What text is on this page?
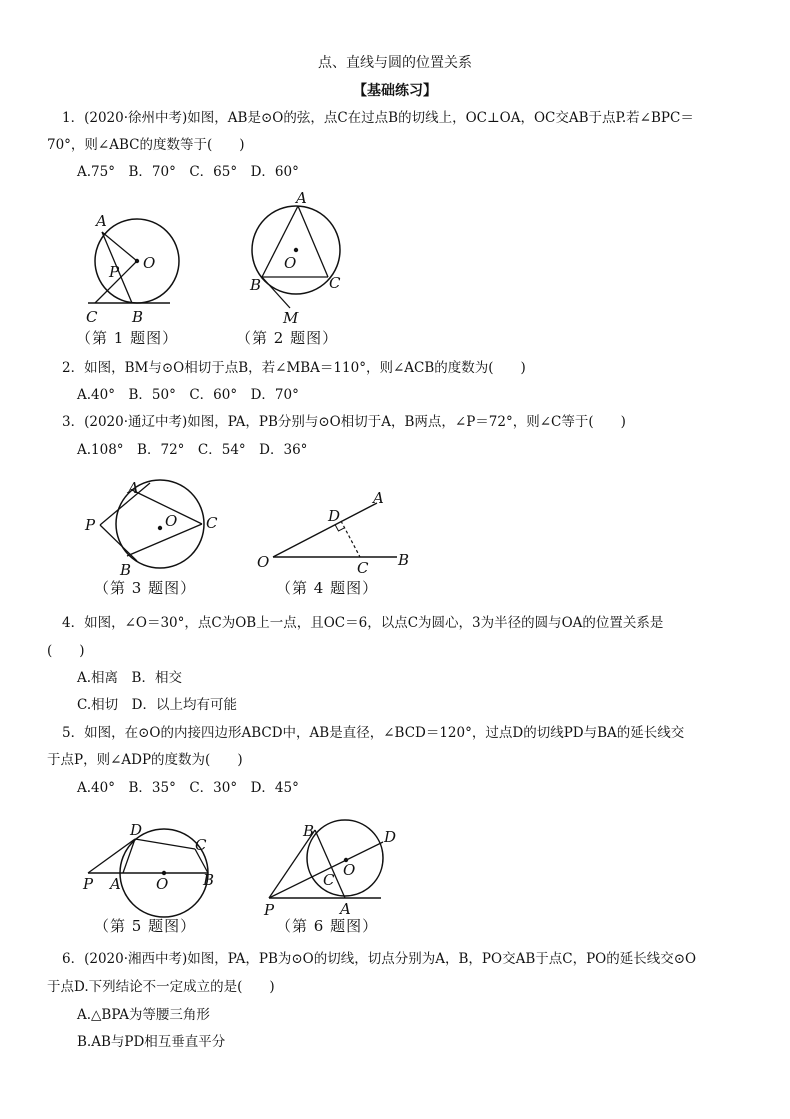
点、直线与圆的位置关系
【基础练习】
1．(2020·徐州中考)如图，AB是⊙O的弦，点C在过点B的切线上，OC⊥OA，OC交AB于点P.若∠BPC＝
70°，则∠ABC的度数等于(　　)
A.75°　B．70°　C．65°　D．60°
A
O
P
C B
（第 1 题图）
A
O
B	C
M
（第 2 题图）
2．如图，BM与⊙O相切于点B，若∠MBA＝110°，则∠ACB的度数为(　　)
A.40°　B．50°　C．60°　D．70°
3．(2020·通辽中考)如图，PA，PB分别与⊙O相切于A，B两点，∠P＝72°，则∠C等于(　　)
A.108°　B．72°　C．54°　D．36°
A
P	O C
B
（第 3 题图）
D
A
O	C B
（第 4 题图）
4．如图，∠O＝30°，点C为OB上一点，且OC＝6，以点C为圆心，3为半径的圆与OA的位置关系是
(　　)
A.相离　B．相交
C.相切　D．以上均有可能
5．如图，在⊙O的内接四边形ABCD中，AB是直径，∠BCD＝120°，过点D的切线PD与BA的延长线交
于点P，则∠ADP的度数为(　　)
A.40°　B．35°　C．30°　D．45°
D
C
P A O B
（第 5 题图）
B	D
C
O
P	A
（第 6 题图）
6．(2020·湘西中考)如图，PA，PB为⊙O的切线，切点分别为A，B，PO交AB于点C，PO的延长线交⊙O
于点D.下列结论不一定成立的是(　　)
A.△BPA为等腰三角形
B.AB与PD相互垂直平分
